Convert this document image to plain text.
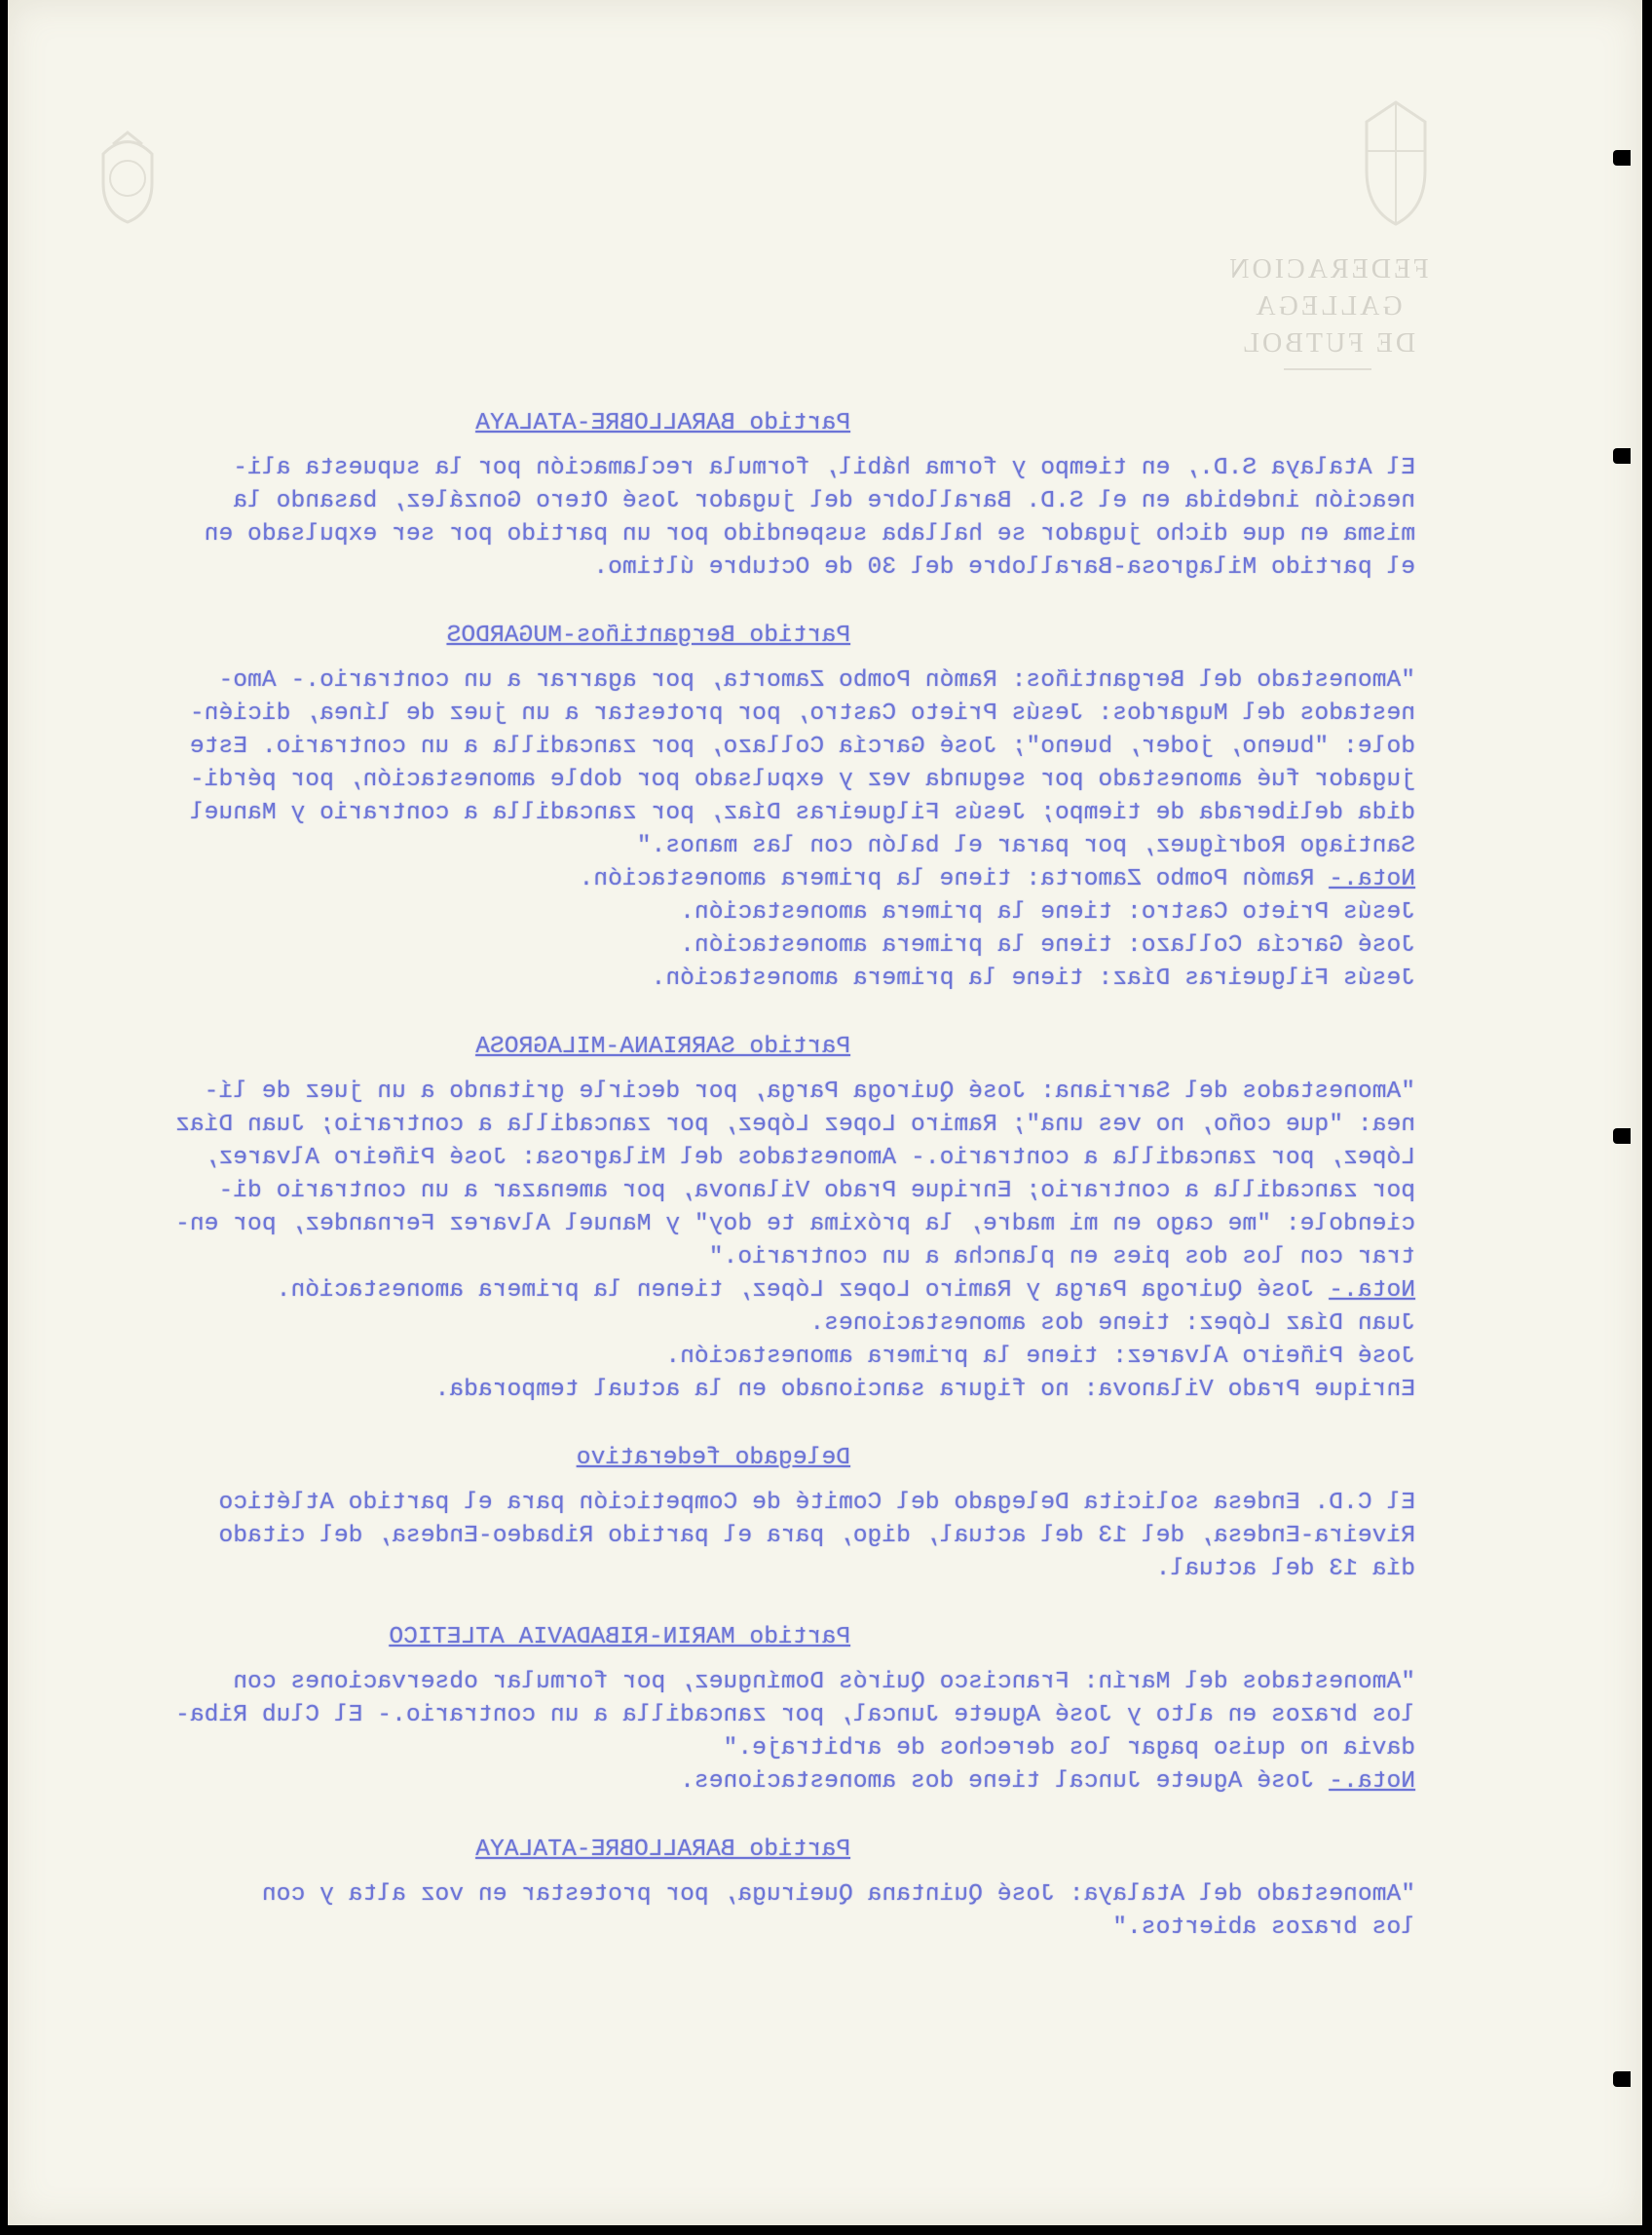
FEDERACION GALLEGA
DE FUTBOL
Partido BARALLOBRE-ATALAYA
El Atalaya S.D., en tiempo y forma hábil, formula reclamación por la supuesta ali-
neación indebida en el S.D. Barallobre del jugador José Otero González, basando la
misma en que dicho jugador se hallaba suspendido por un partido por ser expulsado en
el partido Milagrosa-Barallobre del 30 de Octubre último.
Partido Bergantiños-MUGARDOS
"Amonestado del Bergantiños: Ramón Pombo Zamorta, por agarrar a un contrario.- Amo-
nestados del Mugardos: Jesús Prieto Castro, por protestar a un juez de línea, dicién-
dole: "bueno, joder, bueno"; José García Collazo, por zancadilla a un contrario. Este
jugador fué amonestado por segunda vez y expulsado por doble amonestación, por pérdi-
dida deliberada de tiempo; Jesús Filgueiras Díaz, por zancadilla a contrario y Manuel
Santiago Rodríguez, por parar el balón con las manos."
Nota.- Ramón Pombo Zamorta: tiene la primera amonestación.
Jesús Prieto Castro: tiene la primera amonestación.
José García Collazo: tiene la primera amonestación.
Jesús Filgueiras Díaz: tiene la primera amonestación.
Partido SARRIANA-MILAGROSA
"Amonestados del Sarriana: José Quiroga Parga, por decirle gritando a un juez de lí-
nea: "que coño, no ves una"; Ramiro Lopez López, por zancadilla a contrario; Juan Díaz
López, por zancadilla a contrario.- Amonestados del Milagrosa: José Piñeiro Alvarez,
por zancadilla a contrario; Enrique Prado Vilanova, por amenazar a un contrario di-
ciendole: "me cago en mi madre, la próxima te doy" y Manuel Alvarez Fernandez, por en-
trar con los dos pies en plancha a un contrario."
Nota.- José Quiroga Parga y Ramiro Lopez López, tienen la primera amonestación.
Juan Díaz López: tiene dos amonestaciones.
José Piñeiro Alvarez: tiene la primera amonestación.
Enrique Prado Vilanova: no figura sancionado en la actual temporada.
Delegado federativo
El C.D. Endesa solicita Delegado del Comité de Competición para el partido Atlético
Riveira-Endesa, del 13 del actual, digo, para el partido Ribadeo-Endesa, del citado
día 13 del actual.
Partido MARIN-RIBADAVIA ATLETICO
"Amonestados del Marín: Francisco Quirós Domínguez, por formular observaciones con
los brazos en alto y José Aguete Juncal, por zancadilla a un contrario.- El Club Riba-
davia no quiso pagar los derechos de arbitraje."
Nota.- José Aguete Juncal tiene dos amonestaciones.
Partido BARALLOBRE-ATALAYA
"Amonestado del Atalaya: José Quintana Queiruga, por protestar en voz alta y con
los brazos abiertos."
